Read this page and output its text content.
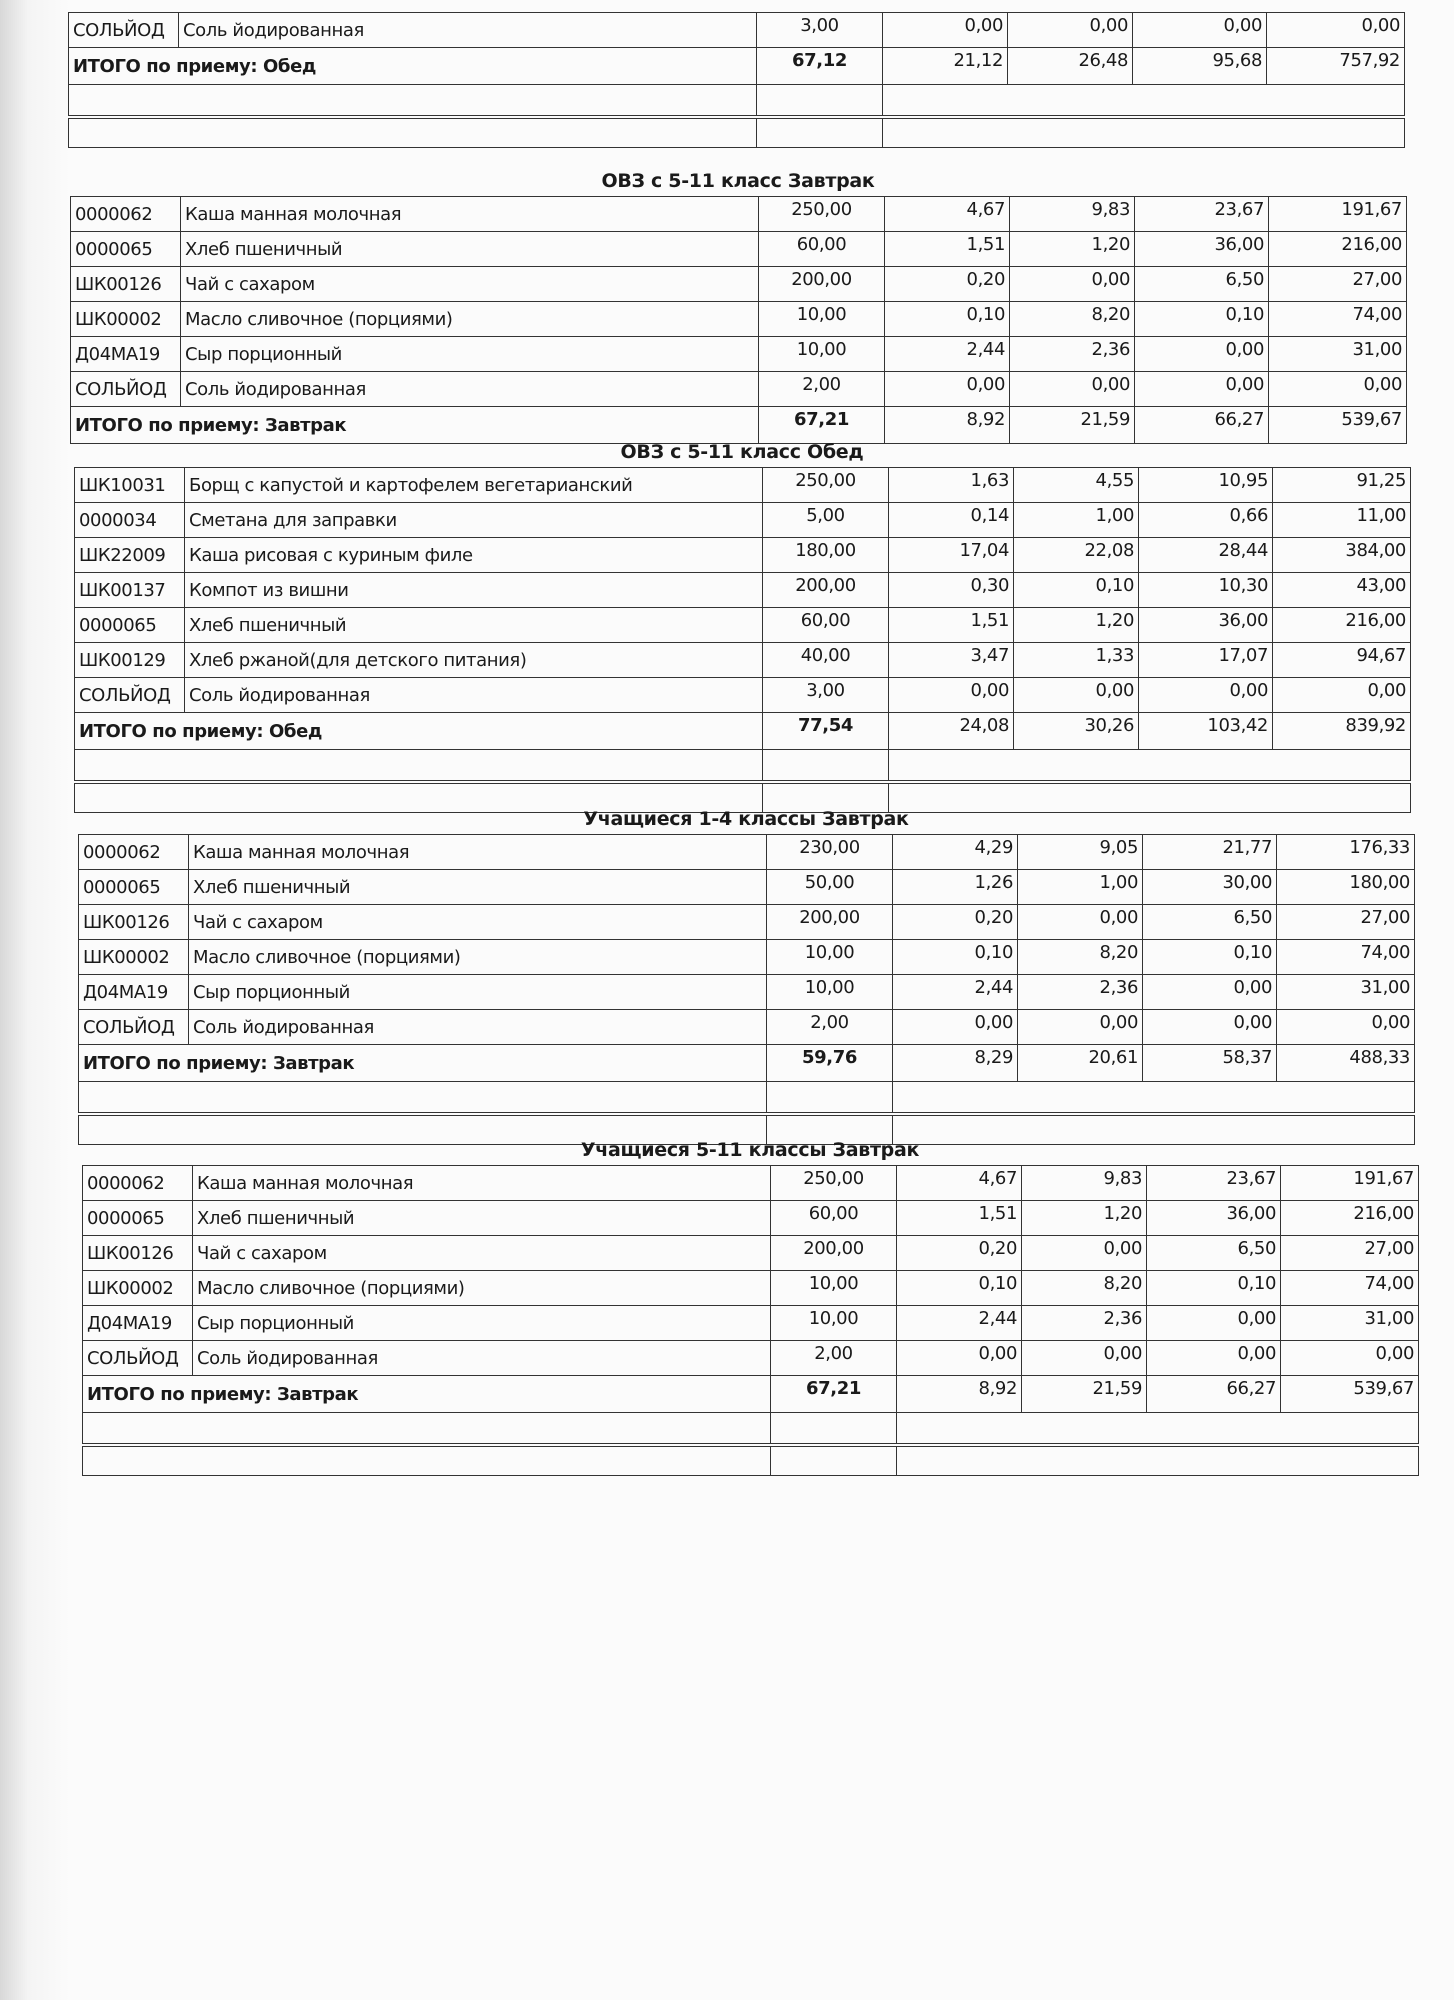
СОЛЬЙОД	Соль йодированная	3,00	0,00	0,00	0,00	0,00
ИТОГО по приему: Обед		67,12	21,12	26,48	95,68	757,92

ОВЗ с 5-11 класс Завтрак
0000062	Каша манная молочная	250,00	4,67	9,83	23,67	191,67
0000065	Хлеб пшеничный	60,00	1,51	1,20	36,00	216,00
ШК00126	Чай с сахаром	200,00	0,20	0,00	6,50	27,00
ШК00002	Масло сливочное (порциями)	10,00	0,10	8,20	0,10	74,00
Д04МА19	Сыр порционный	10,00	2,44	2,36	0,00	31,00
СОЛЬЙОД	Соль йодированная	2,00	0,00	0,00	0,00	0,00
ИТОГО по приему: Завтрак		67,21	8,92	21,59	66,27	539,67
ОВЗ с 5-11 класс Обед
ШК10031	Борщ с капустой и картофелем вегетарианский	250,00	1,63	4,55	10,95	91,25
0000034	Сметана для заправки	5,00	0,14	1,00	0,66	11,00
ШК22009	Каша рисовая с куриным филе	180,00	17,04	22,08	28,44	384,00
ШК00137	Компот из вишни	200,00	0,30	0,10	10,30	43,00
0000065	Хлеб пшеничный	60,00	1,51	1,20	36,00	216,00
ШК00129	Хлеб ржаной(для детского питания)	40,00	3,47	1,33	17,07	94,67
СОЛЬЙОД	Соль йодированная	3,00	0,00	0,00	0,00	0,00
ИТОГО по приему: Обед		77,54	24,08	30,26	103,42	839,92

Учащиеся 1-4 классы Завтрак
0000062	Каша манная молочная	230,00	4,29	9,05	21,77	176,33
0000065	Хлеб пшеничный	50,00	1,26	1,00	30,00	180,00
ШК00126	Чай с сахаром	200,00	0,20	0,00	6,50	27,00
ШК00002	Масло сливочное (порциями)	10,00	0,10	8,20	0,10	74,00
Д04МА19	Сыр порционный	10,00	2,44	2,36	0,00	31,00
СОЛЬЙОД	Соль йодированная	2,00	0,00	0,00	0,00	0,00
ИТОГО по приему: Завтрак		59,76	8,29	20,61	58,37	488,33

Учащиеся 5-11 классы Завтрак
0000062	Каша манная молочная	250,00	4,67	9,83	23,67	191,67
0000065	Хлеб пшеничный	60,00	1,51	1,20	36,00	216,00
ШК00126	Чай с сахаром	200,00	0,20	0,00	6,50	27,00
ШК00002	Масло сливочное (порциями)	10,00	0,10	8,20	0,10	74,00
Д04МА19	Сыр порционный	10,00	2,44	2,36	0,00	31,00
СОЛЬЙОД	Соль йодированная	2,00	0,00	0,00	0,00	0,00
ИТОГО по приему: Завтрак		67,21	8,92	21,59	66,27	539,67
